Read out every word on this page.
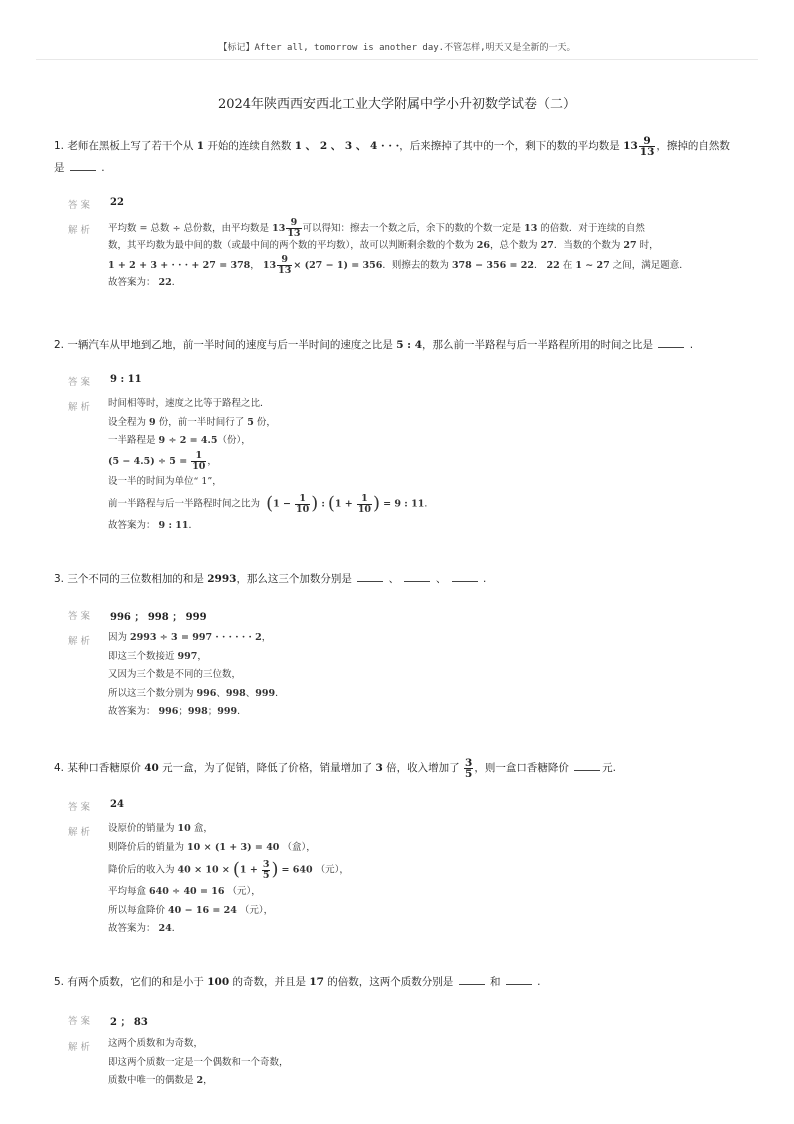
【标记】After all, tomorrow is another day.不管怎样,明天又是全新的一天。
2024年陕西西安西北工业大学附属中学小升初数学试卷（二）
1. 老师在黑板上写了若干个从 1 开始的连续自然数 1 、 2 、 3 、 4 · · ·，后来擦掉了其中的一个，剩下的数的平均数是 $13 \frac{9}{13}$ ，擦掉的自然数
是	.
答案 22
解析 平均数 = 总数 ÷ 总份数，由平均数是 $13 \frac{9}{13}$ 可以得知：擦去一个数之后，余下的数的个数一定是 13 的倍数．对于连续的自然
数，其平均数为最中间的数（或最中间的两个数的平均数），故可以判断剩余数的个数为 26，总个数为 27．当数的个数为 27 时，
1 + 2 + 3 + · · · + 27 = 378， $13 \frac{9}{13} \times (27 - 1) = 356$．则擦去的数为 378 − 356 = 22． 22 在 1 ∼ 27 之间，满足题意．
故答案为： 22．
2. 一辆汽车从甲地到乙地，前一半时间的速度与后一半时间的速度之比是 5 : 4，那么前一半路程与后一半路程所用的时间之比是	.
答案 9 : 11
解析 时间相等时，速度之比等于路程之比．
设全程为 9 份，前一半时间行了 5 份，
一半路程是 9 ÷ 2 = 4.5（份），
$(5 - 4.5) \div 5 = \frac{1}{10}$ ，
设一半的时间为单位“ 1”，
前一半路程与后一半路程时间之比为 ($1 - \frac{1}{10}$ ) : ($1 + \frac{1}{10}$ ) = 9 : 11．
故答案为： 9 : 11．
3. 三个不同的三位数相加的和是 2993，那么这三个加数分别是	、	、	.
答案 996 ； 998 ； 999
解析 因为 2993 ÷ 3 = 997 · · · · · · 2，
即这三个数接近 997，
又因为三个数是不同的三位数，
所以这三个数分别为 996、998、999．
故答案为： 996；998；999．
4. 某种口香糖原价 40 元一盒，为了促销，降低了价格，销量增加了 3 倍，收入增加了 $\frac{3}{5}$ ，则一盒口香糖降价	元.
答案 24
解析 设原价的销量为 10 盒，
则降价后的销量为 10 × (1 + 3) = 40 （盒），
降价后的收入为 $40 \times 10 \times (1 + \frac{3}{5}$ ) = 640 （元），
平均每盒 640 ÷ 40 = 16 （元），
所以每盒降价 40 − 16 = 24 （元），
故答案为： 24．
5. 有两个质数，它们的和是小于 100 的奇数，并且是 17 的倍数，这两个质数分别是	和	.
答案 2 ； 83
解析 这两个质数和为奇数，
即这两个质数一定是一个偶数和一个奇数，
质数中唯一的偶数是 2，
